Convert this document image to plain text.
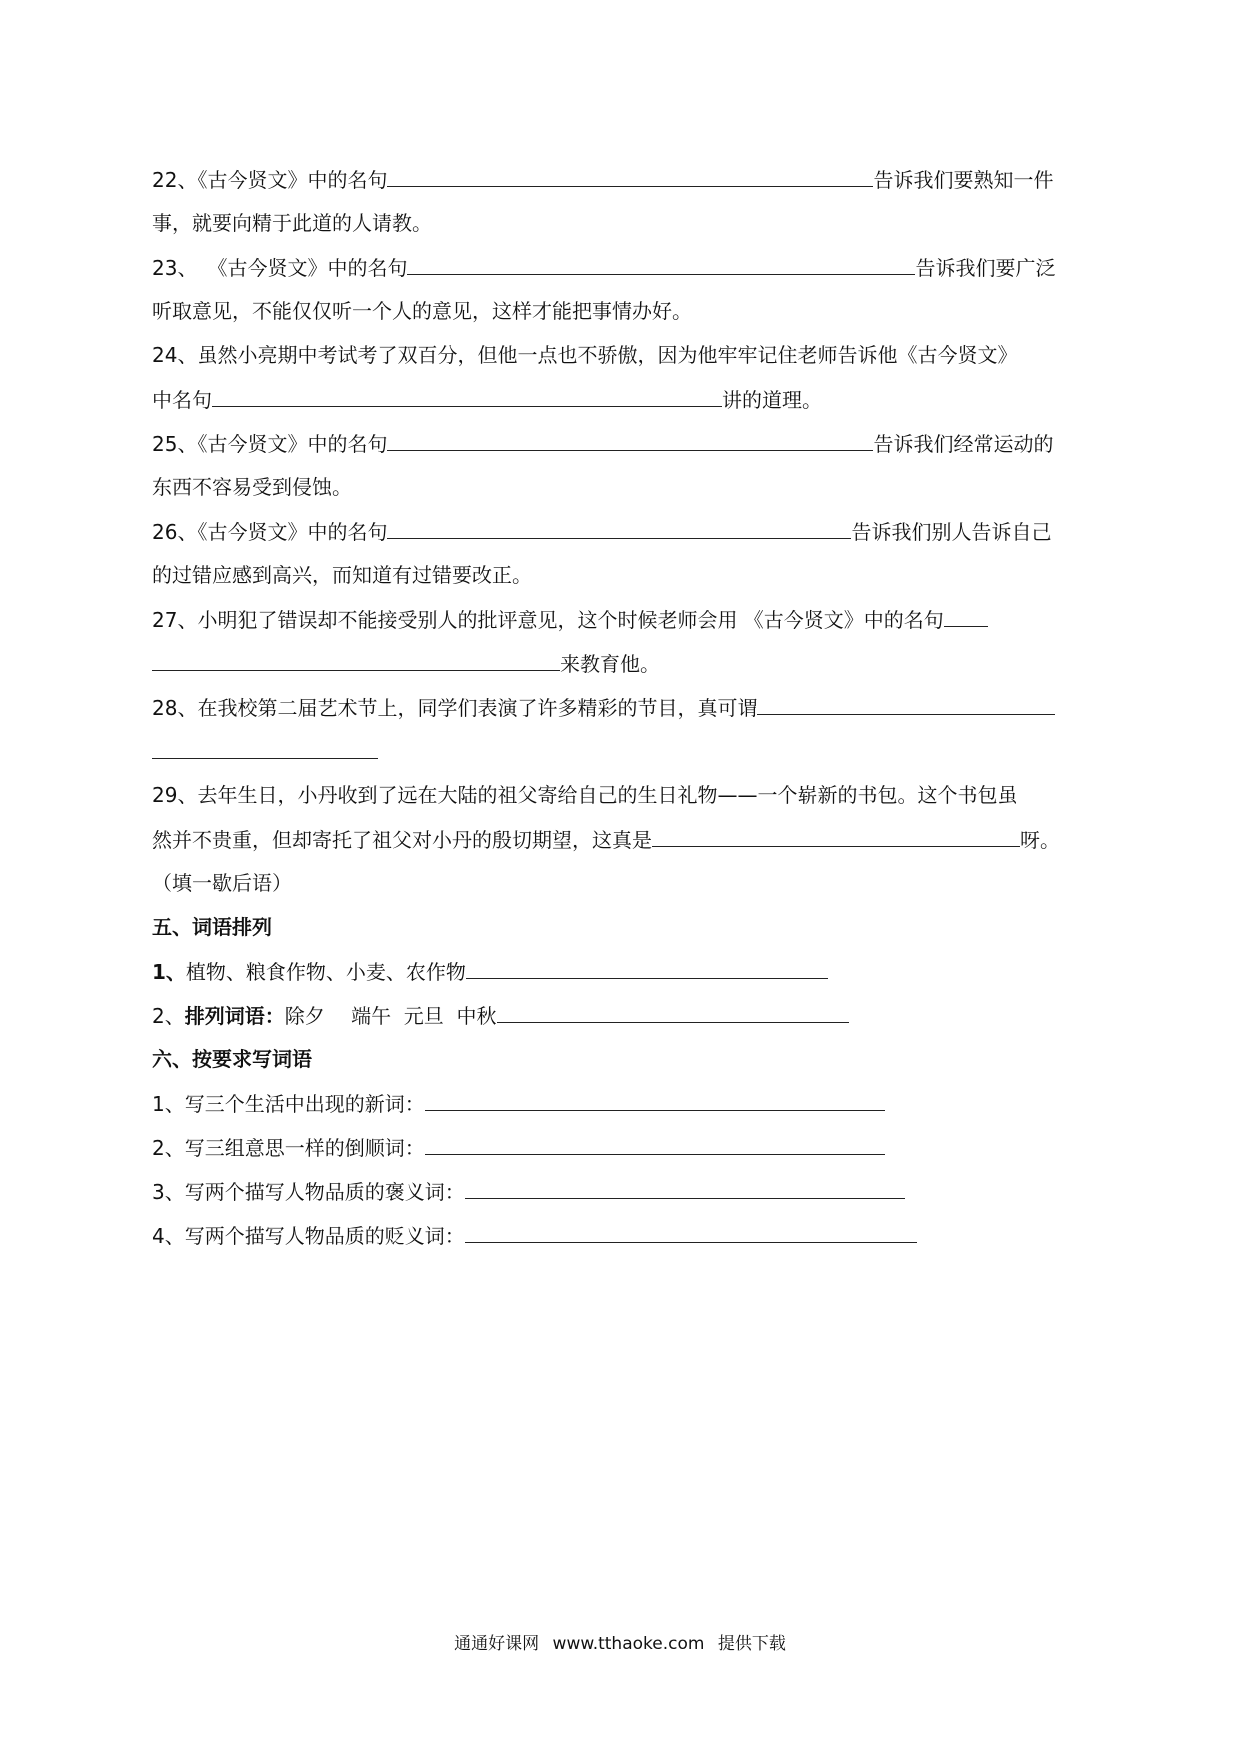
22、《古今贤文》中的名句	告诉我们要熟知一件
事，就要向精于此道的人请教。
23、 《古今贤文》中的名句	告诉我们要广泛
听取意见，不能仅仅听一个人的意见，这样才能把事情办好。
24、虽然小亮期中考试考了双百分，但他一点也不骄傲，因为他牢牢记住老师告诉他《古今贤文》
中名句	讲的道理。
25、《古今贤文》中的名句	告诉我们经常运动的
东西不容易受到侵蚀。
26、《古今贤文》中的名句	告诉我们别人告诉自己
的过错应感到高兴，而知道有过错要改正。
27、小明犯了错误却不能接受别人的批评意见，这个时候老师会用 《古今贤文》中的名句
来教育他。
28、在我校第二届艺术节上，同学们表演了许多精彩的节目，真可谓
29、去年生日，小丹收到了远在大陆的祖父寄给自己的生日礼物——一个崭新的书包。这个书包虽
然并不贵重，但却寄托了祖父对小丹的殷切期望，这真是	呀。
（填一歇后语）
五、词语排列
1、植物、粮食作物、小麦、农作物
2、排列词语：除夕　 端午  元旦  中秋
六、按要求写词语
1、写三个生活中出现的新词：
2、写三组意思一样的倒顺词：
3、写两个描写人物品质的褒义词：
4、写两个描写人物品质的贬义词：
通通好课网 www.tthaoke.com 提供下载
